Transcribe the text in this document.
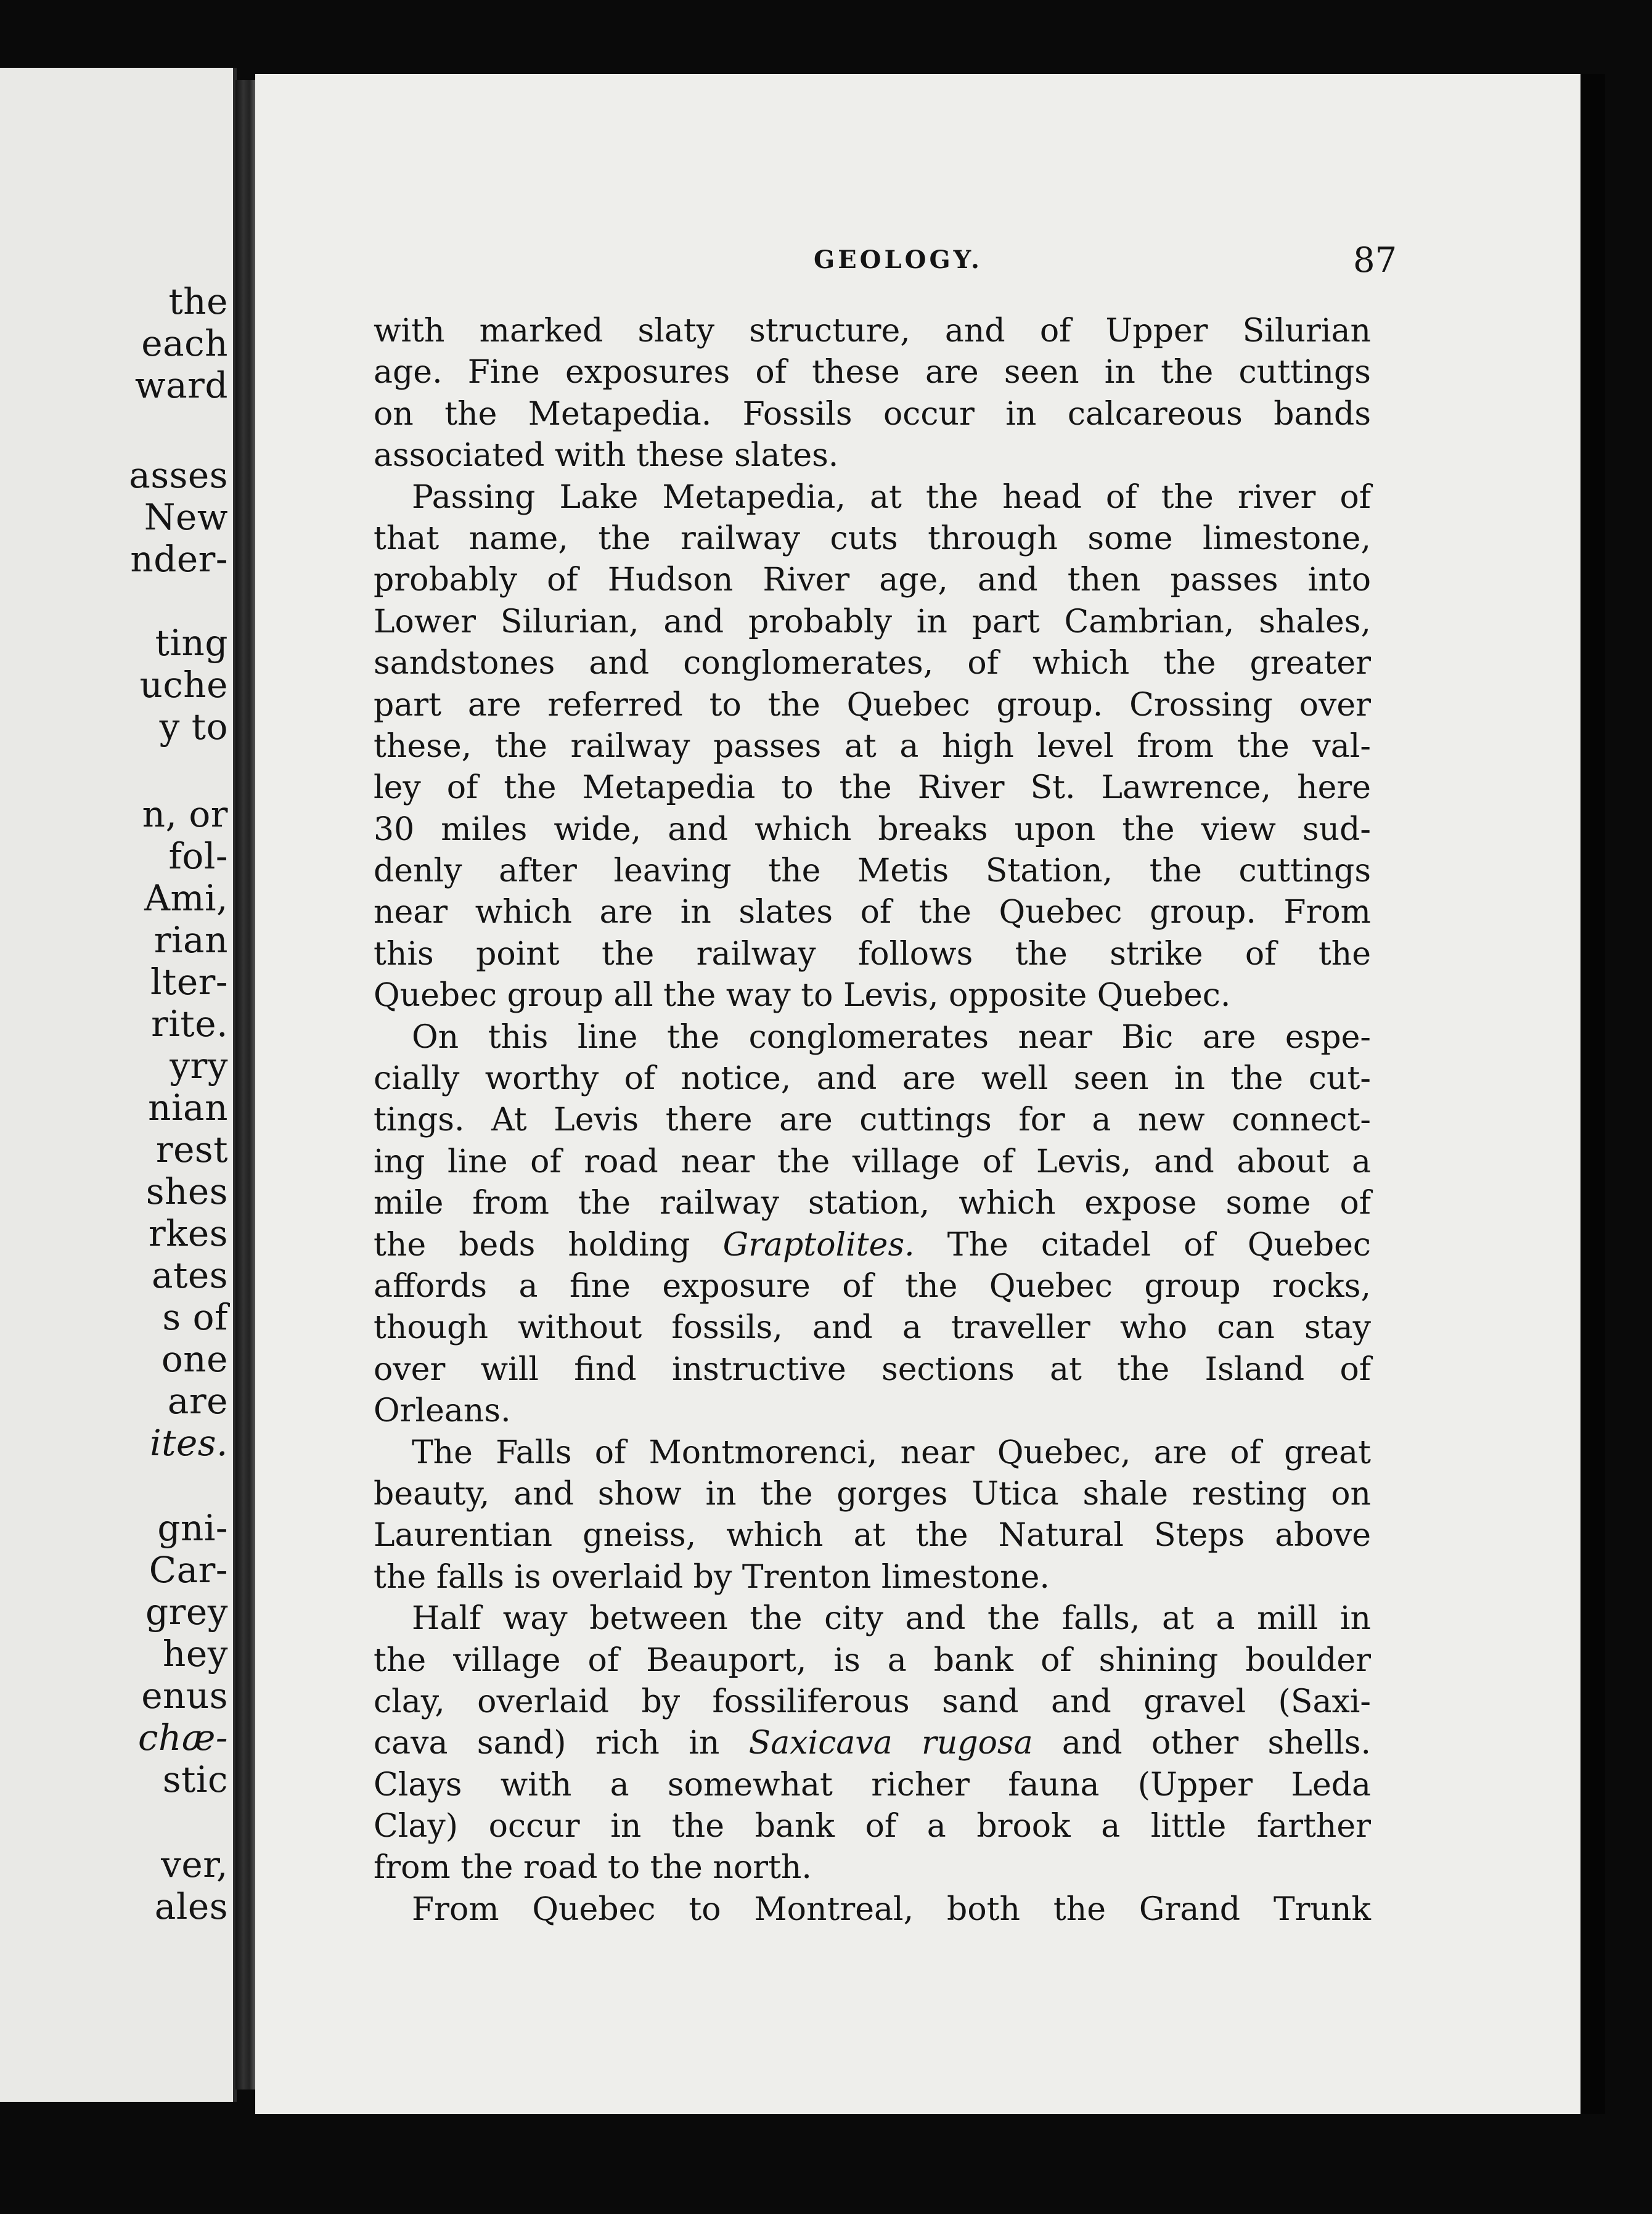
the
each
ward
asses
New
nder-
ting
uche
y to
n, or
fol-
Ami,
rian
lter-
rite.
yry
nian
rest
shes
rkes
ates
s of
one
are
ites.
gni-
Car-
grey
hey
enus
chæ-
stic
ver,
ales
GEOLOGY.	87
with marked slaty structure, and of Upper Silurian
age. Fine exposures of these are seen in the cuttings
on the Metapedia. Fossils occur in calcareous bands
associated with these slates.
Passing Lake Metapedia, at the head of the river of
that name, the railway cuts through some limestone,
probably of Hudson River age, and then passes into
Lower Silurian, and probably in part Cambrian, shales,
sandstones and conglomerates, of which the greater
part are referred to the Quebec group. Crossing over
these, the railway passes at a high level from the val-
ley of the Metapedia to the River St. Lawrence, here
30 miles wide, and which breaks upon the view sud-
denly after leaving the Metis Station, the cuttings
near which are in slates of the Quebec group. From
this point the railway follows the strike of the
Quebec group all the way to Levis, opposite Quebec.
On this line the conglomerates near Bic are espe-
cially worthy of notice, and are well seen in the cut-
tings. At Levis there are cuttings for a new connect-
ing line of road near the village of Levis, and about a
mile from the railway station, which expose some of
the beds holding Graptolites. The citadel of Quebec
affords a fine exposure of the Quebec group rocks,
though without fossils, and a traveller who can stay
over will find instructive sections at the Island of
Orleans.
The Falls of Montmorenci, near Quebec, are of great
beauty, and show in the gorges Utica shale resting on
Laurentian gneiss, which at the Natural Steps above
the falls is overlaid by Trenton limestone.
Half way between the city and the falls, at a mill in
the village of Beauport, is a bank of shining boulder
clay, overlaid by fossiliferous sand and gravel (Saxi-
cava sand) rich in Saxicava rugosa and other shells.
Clays with a somewhat richer fauna (Upper Leda
Clay) occur in the bank of a brook a little farther
from the road to the north.
From Quebec to Montreal, both the Grand Trunk
